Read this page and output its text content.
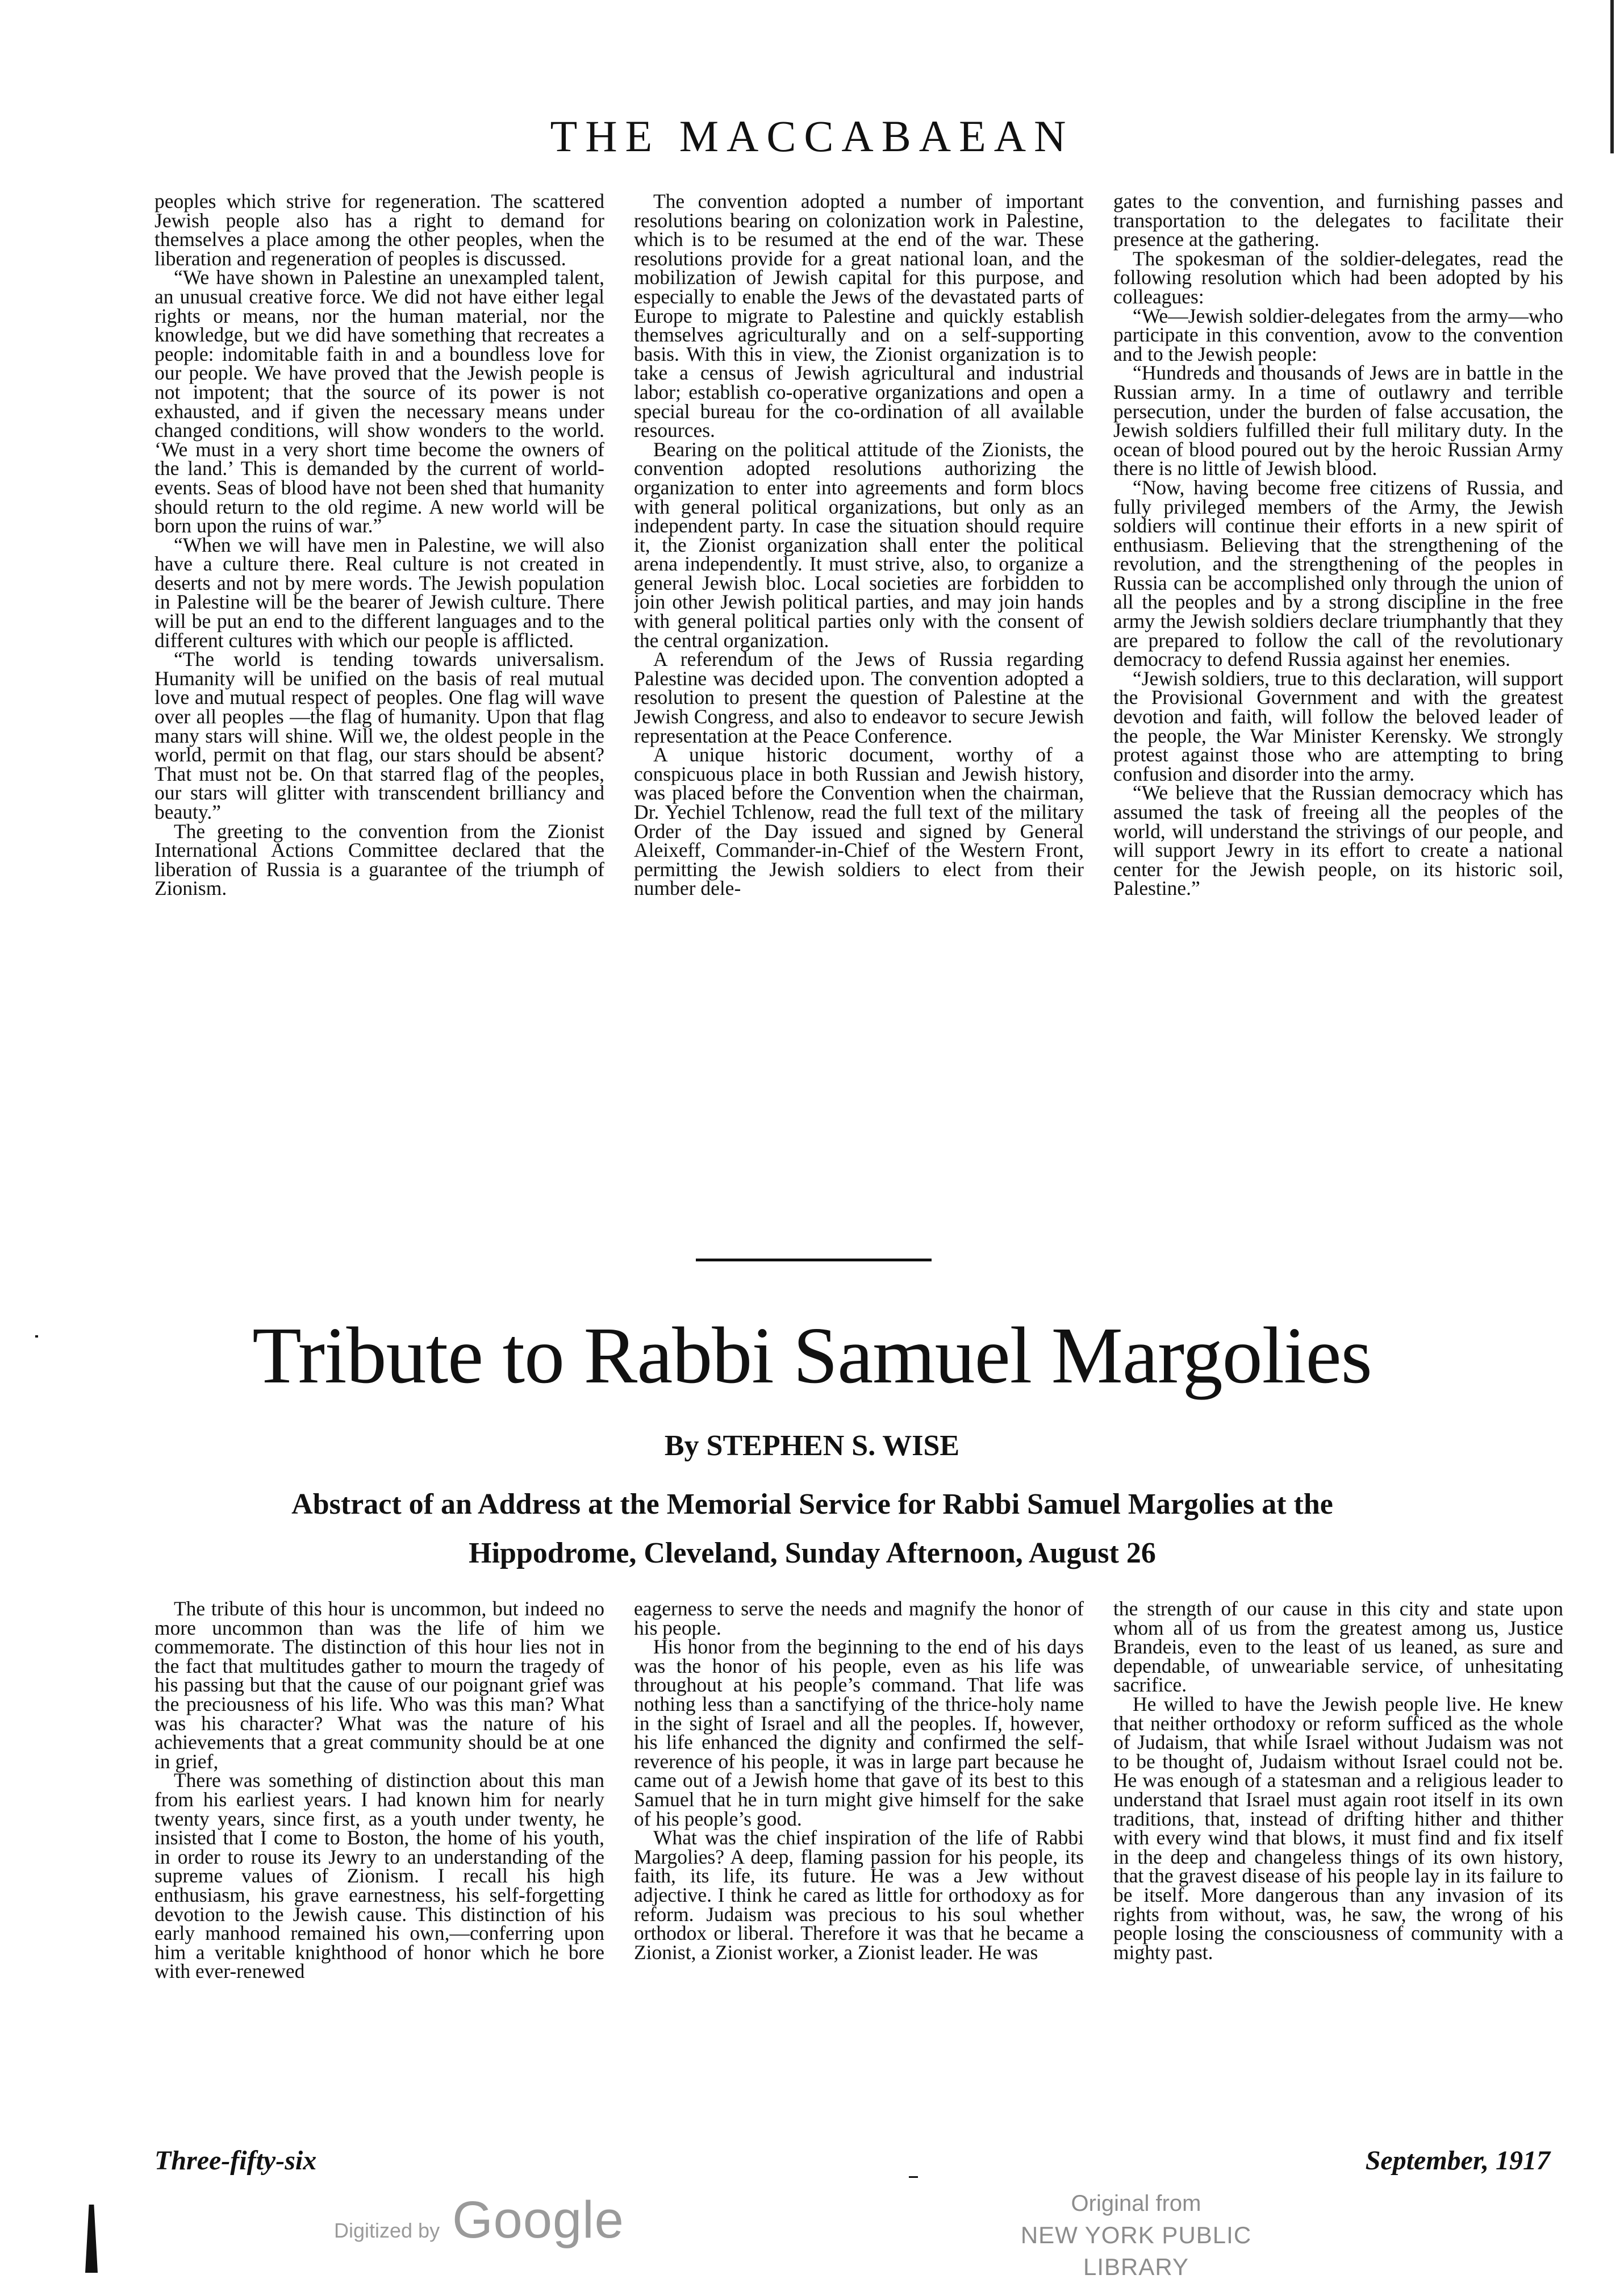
THE MACCABAEAN

peoples which strive for regeneration. The scattered Jewish people also has a right to demand for themselves a place among the other peoples, when the liberation and regeneration of peoples is discussed.

“We have shown in Palestine an unexampled talent, an unusual creative force. We did not have either legal rights or means, nor the human material, nor the knowledge, but we did have something that recreates a people: indomitable faith in and a boundless love for our people. We have proved that the Jewish people is not impotent; that the source of its power is not exhausted, and if given the necessary means under changed conditions, will show wonders to the world. ‘We must in a very short time become the owners of the land.’ This is demanded by the current of world-events. Seas of blood have not been shed that humanity should return to the old regime. A new world will be born upon the ruins of war.”

“When we will have men in Palestine, we will also have a culture there. Real culture is not created in deserts and not by mere words. The Jewish population in Palestine will be the bearer of Jewish culture. There will be put an end to the different languages and to the different cultures with which our people is afflicted.

“The world is tending towards universalism. Humanity will be unified on the basis of real mutual love and mutual respect of peoples. One flag will wave over all peoples —the flag of humanity. Upon that flag many stars will shine. Will we, the oldest people in the world, permit on that flag, our stars should be absent? That must not be. On that starred flag of the peoples, our stars will glitter with transcendent brilliancy and beauty.”

The greeting to the convention from the Zionist International Actions Committee declared that the liberation of Russia is a guarantee of the triumph of Zionism.

The convention adopted a number of important resolutions bearing on colonization work in Palestine, which is to be resumed at the end of the war. These resolutions provide for a great national loan, and the mobilization of Jewish capital for this purpose, and especially to enable the Jews of the devastated parts of Europe to migrate to Palestine and quickly establish themselves agriculturally and on a self-supporting basis. With this in view, the Zionist organization is to take a census of Jewish agricultural and industrial labor; establish co-operative organizations and open a special bureau for the co-ordination of all available resources.

Bearing on the political attitude of the Zionists, the convention adopted resolutions authorizing the organization to enter into agreements and form blocs with general political organizations, but only as an independent party. In case the situation should require it, the Zionist organization shall enter the political arena independently. It must strive, also, to organize a general Jewish bloc. Local societies are forbidden to join other Jewish political parties, and may join hands with general political parties only with the consent of the central organization.

A referendum of the Jews of Russia regarding Palestine was decided upon. The convention adopted a resolution to present the question of Palestine at the Jewish Congress, and also to endeavor to secure Jewish representation at the Peace Conference.

A unique historic document, worthy of a conspicuous place in both Russian and Jewish history, was placed before the Convention when the chairman, Dr. Yechiel Tchlenow, read the full text of the military Order of the Day issued and signed by General Aleixeff, Commander-in-Chief of the Western Front, permitting the Jewish soldiers to elect from their number dele-

gates to the convention, and furnishing passes and transportation to the delegates to facilitate their presence at the gathering.

The spokesman of the soldier-delegates, read the following resolution which had been adopted by his colleagues:

“We—Jewish soldier-delegates from the army—who participate in this convention, avow to the convention and to the Jewish people:

“Hundreds and thousands of Jews are in battle in the Russian army. In a time of outlawry and terrible persecution, under the burden of false accusation, the Jewish soldiers fulfilled their full military duty. In the ocean of blood poured out by the heroic Russian Army there is no little of Jewish blood.

“Now, having become free citizens of Russia, and fully privileged members of the Army, the Jewish soldiers will continue their efforts in a new spirit of enthusiasm. Believing that the strengthening of the revolution, and the strengthening of the peoples in Russia can be accomplished only through the union of all the peoples and by a strong discipline in the free army the Jewish soldiers declare triumphantly that they are prepared to follow the call of the revolutionary democracy to defend Russia against her enemies.

“Jewish soldiers, true to this declaration, will support the Provisional Government and with the greatest devotion and faith, will follow the beloved leader of the people, the War Minister Kerensky. We strongly protest against those who are attempting to bring confusion and disorder into the army.

“We believe that the Russian democracy which has assumed the task of freeing all the peoples of the world, will understand the strivings of our people, and will support Jewry in its effort to create a national center for the Jewish people, on its historic soil, Palestine.”

Tribute to Rabbi Samuel Margolies
By STEPHEN S. WISE
Abstract of an Address at the Memorial Service for Rabbi Samuel Margolies at the Hippodrome, Cleveland, Sunday Afternoon, August 26

The tribute of this hour is uncommon, but indeed no more uncommon than was the life of him we commemorate. The distinction of this hour lies not in the fact that multitudes gather to mourn the tragedy of his passing but that the cause of our poignant grief was the preciousness of his life. Who was this man? What was his character? What was the nature of his achievements that a great community should be at one in grief,

There was something of distinction about this man from his earliest years. I had known him for nearly twenty years, since first, as a youth under twenty, he insisted that I come to Boston, the home of his youth, in order to rouse its Jewry to an understanding of the supreme values of Zionism. I recall his high enthusiasm, his grave earnestness, his self-forgetting devotion to the Jewish cause. This distinction of his early manhood remained his own,—conferring upon him a veritable knighthood of honor which he bore with ever-renewed

eagerness to serve the needs and magnify the honor of his people.

His honor from the beginning to the end of his days was the honor of his people, even as his life was throughout at his people’s command. That life was nothing less than a sanctifying of the thrice-holy name in the sight of Israel and all the peoples. If, however, his life enhanced the dignity and confirmed the self-reverence of his people, it was in large part because he came out of a Jewish home that gave of its best to this Samuel that he in turn might give himself for the sake of his people’s good.

What was the chief inspiration of the life of Rabbi Margolies? A deep, flaming passion for his people, its faith, its life, its future. He was a Jew without adjective. I think he cared as little for orthodoxy as for reform. Judaism was precious to his soul whether orthodox or liberal. Therefore it was that he became a Zionist, a Zionist worker, a Zionist leader. He was

the strength of our cause in this city and state upon whom all of us from the greatest among us, Justice Brandeis, even to the least of us leaned, as sure and dependable, of unweariable service, of unhesitating sacrifice.

He willed to have the Jewish people live. He knew that neither orthodoxy or reform sufficed as the whole of Judaism, that while Israel without Judaism was not to be thought of, Judaism without Israel could not be. He was enough of a statesman and a religious leader to understand that Israel must again root itself in its own traditions, that, instead of drifting hither and thither with every wind that blows, it must find and fix itself in the deep and changeless things of its own history, that the gravest disease of his people lay in its failure to be itself. More dangerous than any invasion of its rights from without, was, he saw, the wrong of his people losing the consciousness of community with a mighty past.

Three-fifty-six	September, 1917
Digitized by Google	Original from
NEW YORK PUBLIC LIBRARY
